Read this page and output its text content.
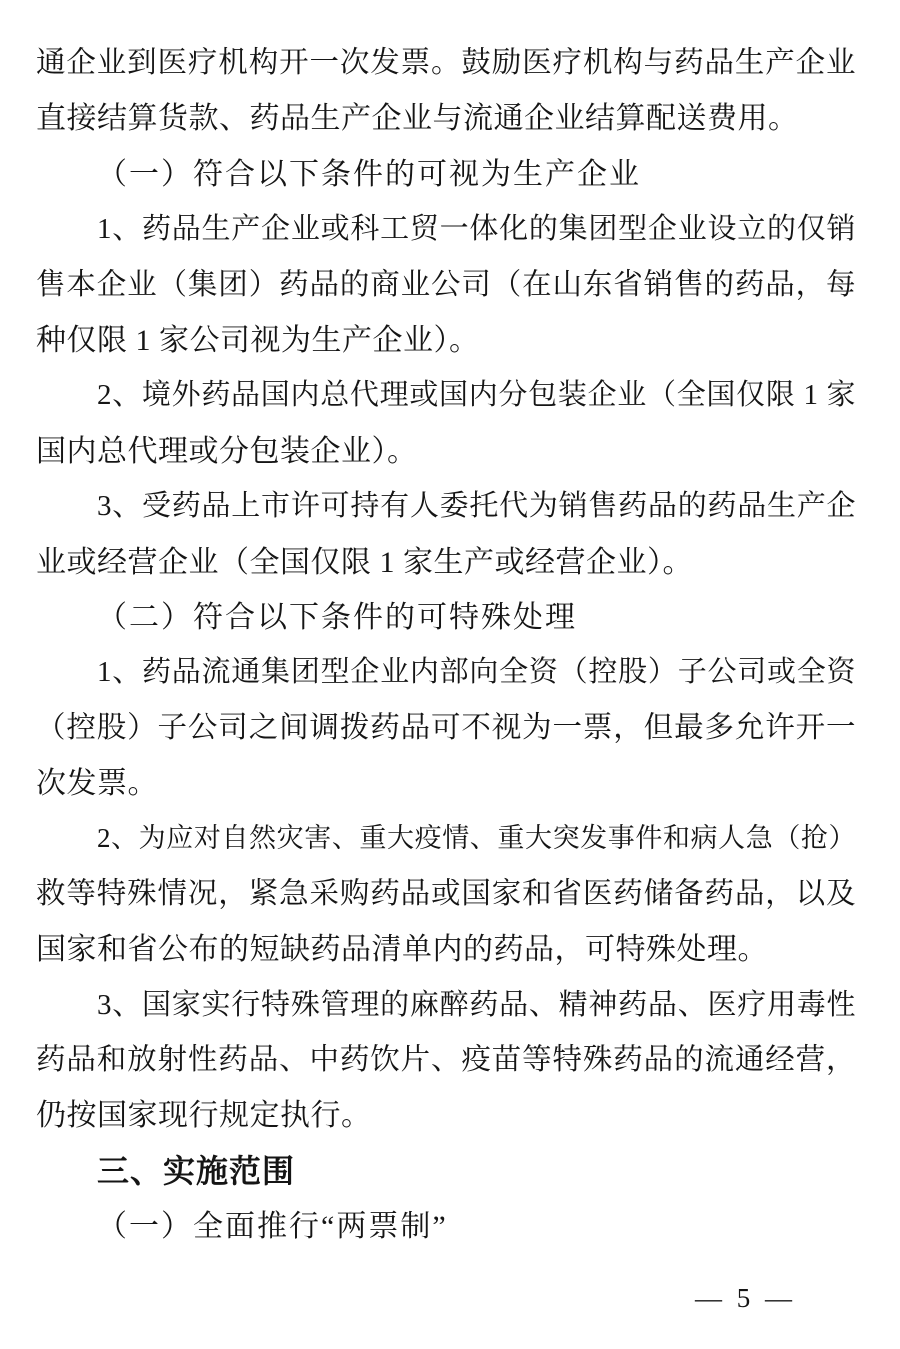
通企业到医疗机构开一次发票。鼓励医疗机构与药品生产企业
直接结算货款、药品生产企业与流通企业结算配送费用。
（一）符合以下条件的可视为生产企业
1、药品生产企业或科工贸一体化的集团型企业设立的仅销
售本企业（集团）药品的商业公司（在山东省销售的药品，每
种仅限 1 家公司视为生产企业）。
2、境外药品国内总代理或国内分包装企业（全国仅限 1 家
国内总代理或分包装企业）。
3、受药品上市许可持有人委托代为销售药品的药品生产企
业或经营企业（全国仅限 1 家生产或经营企业）。
（二）符合以下条件的可特殊处理
1、药品流通集团型企业内部向全资（控股）子公司或全资
（控股）子公司之间调拨药品可不视为一票，但最多允许开一
次发票。
2、为应对自然灾害、重大疫情、重大突发事件和病人急（抢）
救等特殊情况，紧急采购药品或国家和省医药储备药品，以及
国家和省公布的短缺药品清单内的药品，可特殊处理。
3、国家实行特殊管理的麻醉药品、精神药品、医疗用毒性
药品和放射性药品、中药饮片、疫苗等特殊药品的流通经营，
仍按国家现行规定执行。
三、实施范围
（一）全面推行“两票制”
— 5 —
